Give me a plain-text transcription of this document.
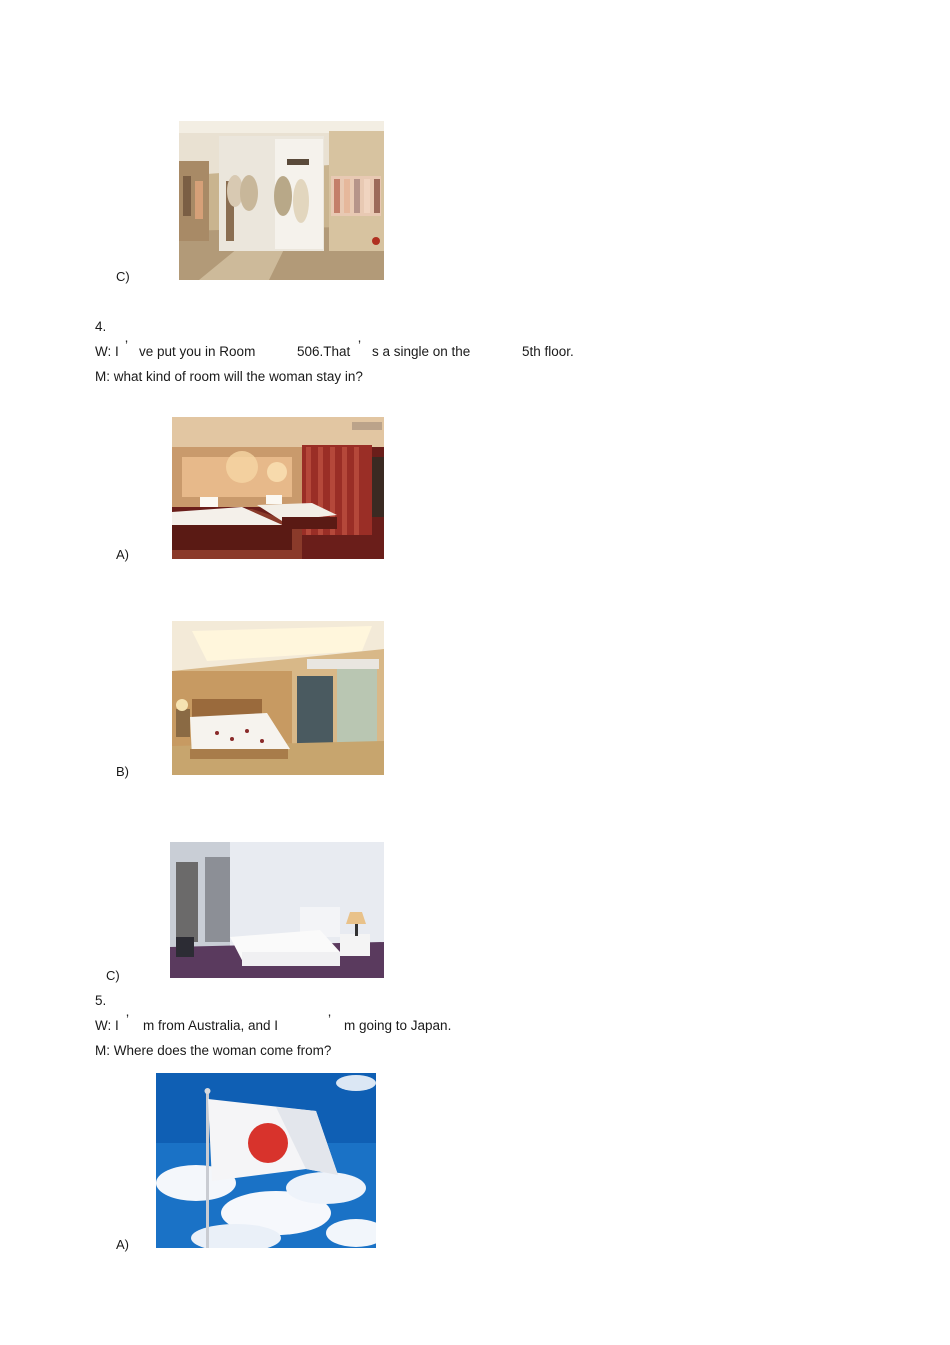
C)
4.
W: I ’ ve put you in Room	506.That ’ s a single on the	5th floor.
M: what kind of room will the woman stay in?
A)
B)
C)
5.
W: I ’ m from Australia, and I	’ m going to Japan.
M: Where does the woman come from?
A)
